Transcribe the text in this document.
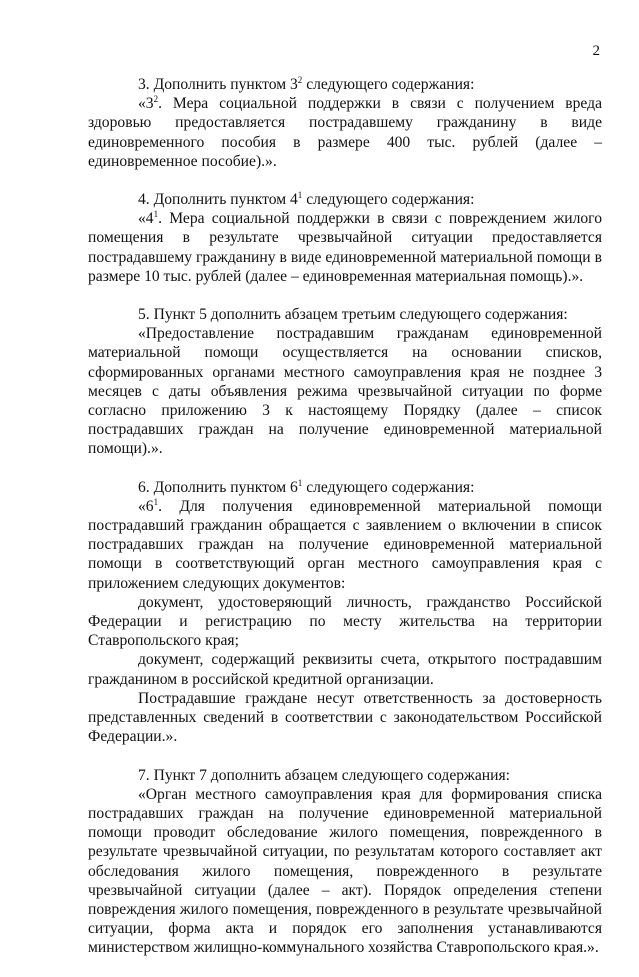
2

3. Дополнить пунктом $3^2$ следующего содержания:

«$3^2$. Мера социальной поддержки в связи с получением вреда здоровью предоставляется пострадавшему гражданину в виде единовременного пособия в размере 400 тыс. рублей (далее – единовременное пособие).».

4. Дополнить пунктом $4^1$ следующего содержания:

«$4^1$. Мера социальной поддержки в связи с повреждением жилого помещения в результате чрезвычайной ситуации предоставляется пострадавшему гражданину в виде единовременной материальной помощи в размере 10 тыс. рублей (далее – единовременная материальная помощь).».

5. Пункт 5 дополнить абзацем третьим следующего содержания:

«Предоставление пострадавшим гражданам единовременной материальной помощи осуществляется на основании списков, сформированных органами местного самоуправления края не позднее 3 месяцев с даты объявления режима чрезвычайной ситуации по форме согласно приложению 3 к настоящему Порядку (далее – список пострадавших граждан на получение единовременной материальной помощи).».

6. Дополнить пунктом $6^1$ следующего содержания:

«$6^1$. Для получения единовременной материальной помощи пострадавший гражданин обращается с заявлением о включении в список пострадавших граждан на получение единовременной материальной помощи в соответствующий орган местного самоуправления края с приложением следующих документов:

документ, удостоверяющий личность, гражданство Российской Федерации и регистрацию по месту жительства на территории Ставропольского края;

документ, содержащий реквизиты счета, открытого пострадавшим гражданином в российской кредитной организации.

Пострадавшие граждане несут ответственность за достоверность представленных сведений в соответствии с законодательством Российской Федерации.».

7. Пункт 7 дополнить абзацем следующего содержания:

«Орган местного самоуправления края для формирования списка пострадавших граждан на получение единовременной материальной помощи проводит обследование жилого помещения, поврежденного в результате чрезвычайной ситуации, по результатам которого составляет акт обследования жилого помещения, поврежденного в результате чрезвычайной ситуации (далее – акт). Порядок определения степени повреждения жилого помещения, поврежденного в результате чрезвычайной ситуации, форма акта и порядок его заполнения устанавливаются министерством жилищно-коммунального хозяйства Ставропольского края.».
